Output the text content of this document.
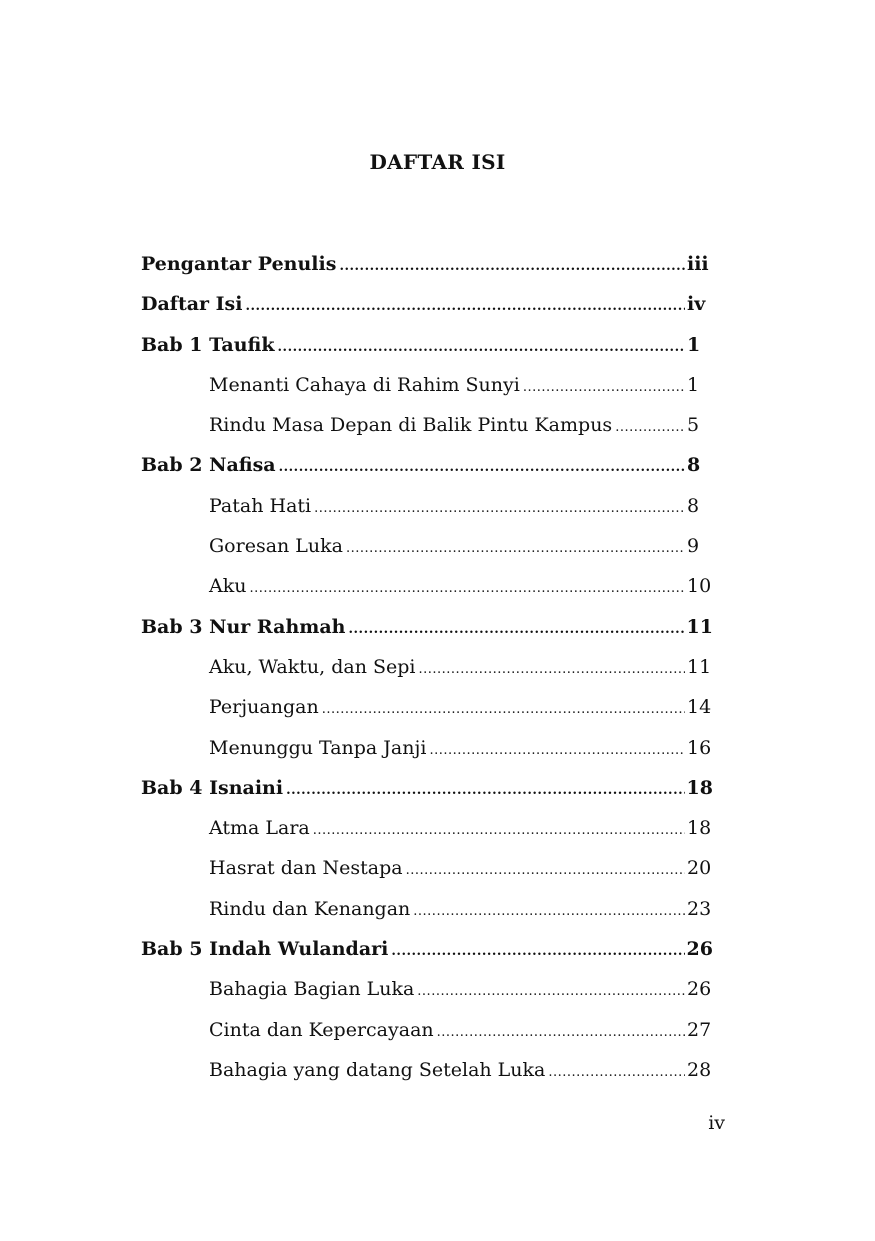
DAFTAR ISI
Pengantar Penulis .....	iii
Daftar Isi .....	iv
Bab 1 Taufik .....	1
Menanti Cahaya di Rahim Sunyi .....	1
Rindu Masa Depan di Balik Pintu Kampus .....	5
Bab 2 Nafisa .....	8
Patah Hati .....	8
Goresan Luka .....	9
Aku .....	10
Bab 3 Nur Rahmah .....	11
Aku, Waktu, dan Sepi .....	11
Perjuangan .....	14
Menunggu Tanpa Janji .....	16
Bab 4 Isnaini .....	18
Atma Lara .....	18
Hasrat dan Nestapa .....	20
Rindu dan Kenangan .....	23
Bab 5 Indah Wulandari .....	26
Bahagia Bagian Luka .....	26
Cinta dan Kepercayaan .....	27
Bahagia yang datang Setelah Luka .....	28
iv
